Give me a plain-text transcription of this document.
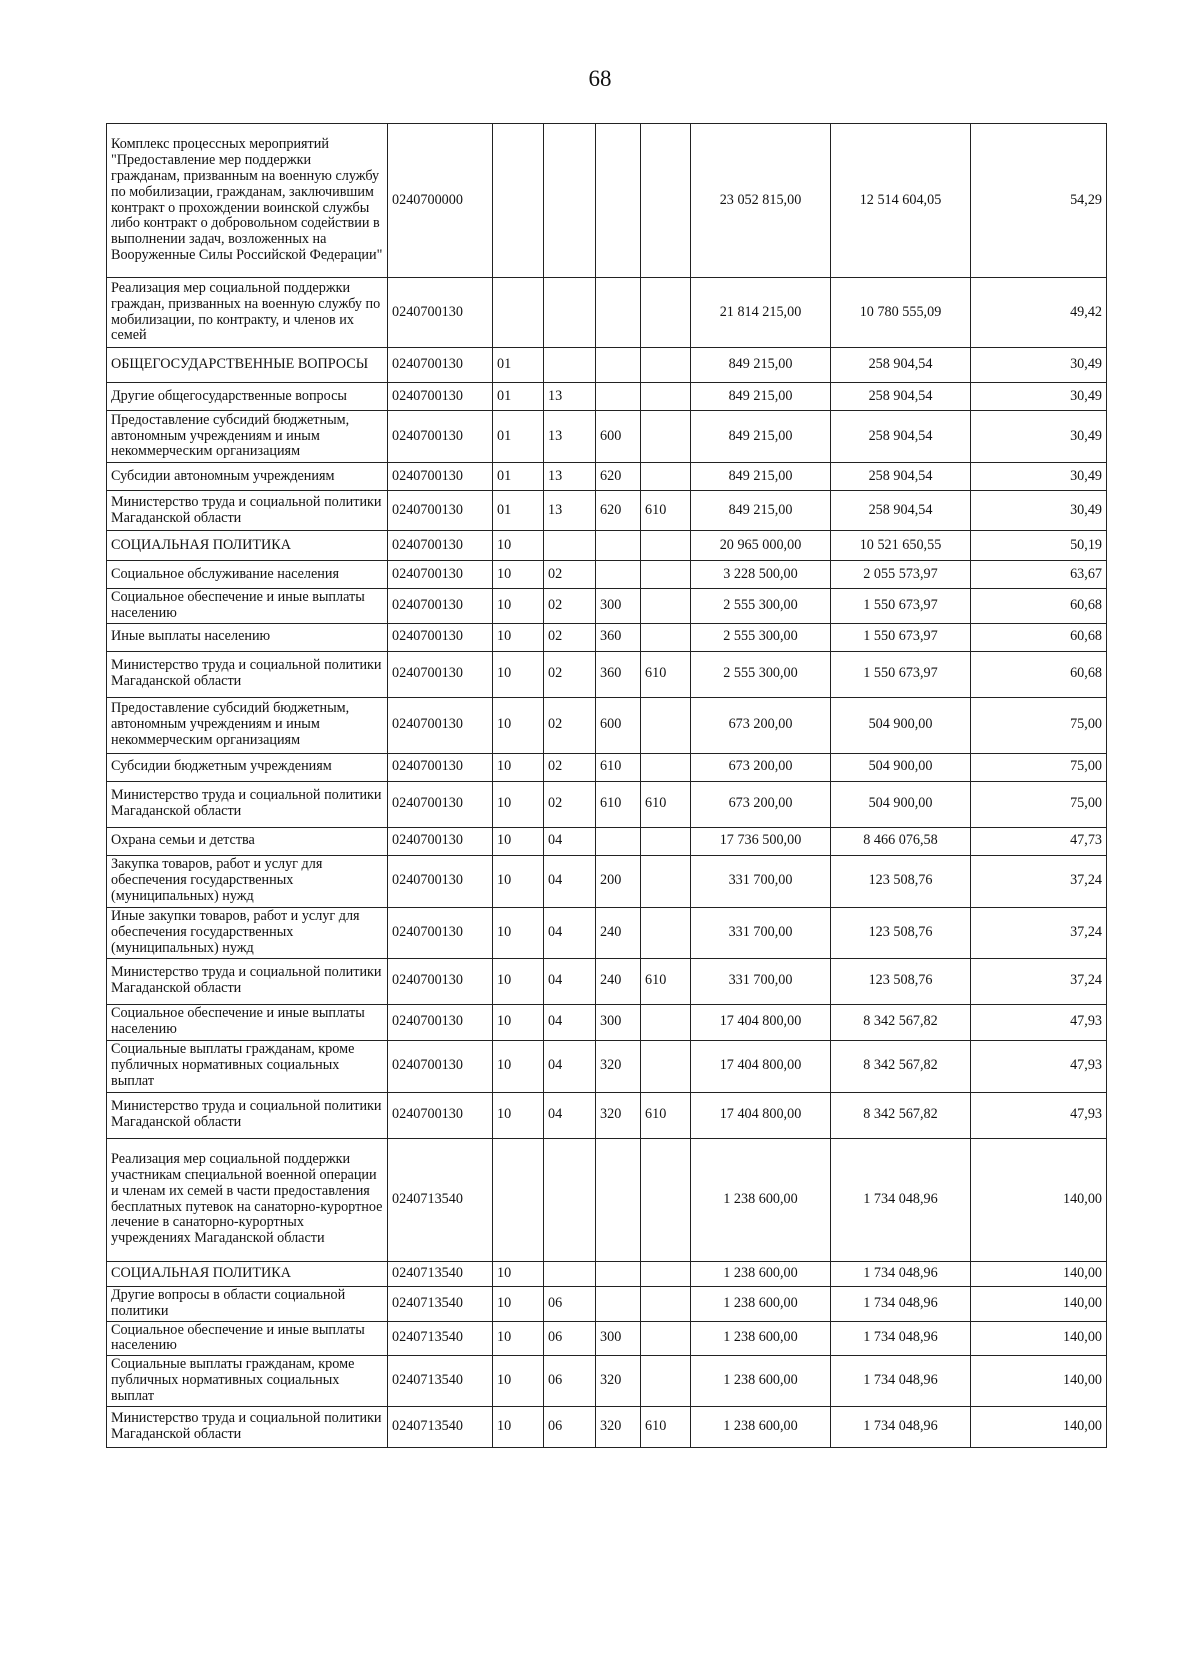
68
Комплекс процессных мероприятий "Предоставление мер поддержки гражданам, призванным на военную службу по мобилизации, гражданам, заключившим контракт о прохождении воинской службы либо контракт о добровольном содействии в выполнении задач, возложенных на Вооруженные Силы Российской Федерации"	0240700000					23 052 815,00	12 514 604,05	54,29
Реализация мер социальной поддержки граждан, призванных на военную службу по мобилизации, по контракту, и членов их семей	0240700130					21 814 215,00	10 780 555,09	49,42
ОБЩЕГОСУДАРСТВЕННЫЕ ВОПРОСЫ	0240700130	01				849 215,00	258 904,54	30,49
Другие общегосударственные вопросы	0240700130	01	13			849 215,00	258 904,54	30,49
Предоставление субсидий бюджетным, автономным учреждениям и иным некоммерческим организациям	0240700130	01	13	600		849 215,00	258 904,54	30,49
Субсидии автономным учреждениям	0240700130	01	13	620		849 215,00	258 904,54	30,49
Министерство труда и социальной политики Магаданской области	0240700130	01	13	620	610	849 215,00	258 904,54	30,49
СОЦИАЛЬНАЯ ПОЛИТИКА	0240700130	10				20 965 000,00	10 521 650,55	50,19
Социальное обслуживание населения	0240700130	10	02			3 228 500,00	2 055 573,97	63,67
Социальное обеспечение и иные выплаты населению	0240700130	10	02	300		2 555 300,00	1 550 673,97	60,68
Иные выплаты населению	0240700130	10	02	360		2 555 300,00	1 550 673,97	60,68
Министерство труда и социальной политики Магаданской области	0240700130	10	02	360	610	2 555 300,00	1 550 673,97	60,68
Предоставление субсидий бюджетным, автономным учреждениям и иным некоммерческим организациям	0240700130	10	02	600		673 200,00	504 900,00	75,00
Субсидии бюджетным учреждениям	0240700130	10	02	610		673 200,00	504 900,00	75,00
Министерство труда и социальной политики Магаданской области	0240700130	10	02	610	610	673 200,00	504 900,00	75,00
Охрана семьи и детства	0240700130	10	04			17 736 500,00	8 466 076,58	47,73
Закупка товаров, работ и услуг для обеспечения государственных (муниципальных) нужд	0240700130	10	04	200		331 700,00	123 508,76	37,24
Иные закупки товаров, работ и услуг для обеспечения государственных (муниципальных) нужд	0240700130	10	04	240		331 700,00	123 508,76	37,24
Министерство труда и социальной политики Магаданской области	0240700130	10	04	240	610	331 700,00	123 508,76	37,24
Социальное обеспечение и иные выплаты населению	0240700130	10	04	300		17 404 800,00	8 342 567,82	47,93
Социальные выплаты гражданам, кроме публичных нормативных социальных выплат	0240700130	10	04	320		17 404 800,00	8 342 567,82	47,93
Министерство труда и социальной политики Магаданской области	0240700130	10	04	320	610	17 404 800,00	8 342 567,82	47,93
Реализация мер социальной поддержки участникам специальной военной операции и членам их семей в части предоставления бесплатных путевок на санаторно-курортное лечение в санаторно-курортных учреждениях Магаданской области	0240713540					1 238 600,00	1 734 048,96	140,00
СОЦИАЛЬНАЯ ПОЛИТИКА	0240713540	10				1 238 600,00	1 734 048,96	140,00
Другие вопросы в области социальной политики	0240713540	10	06			1 238 600,00	1 734 048,96	140,00
Социальное обеспечение и иные выплаты населению	0240713540	10	06	300		1 238 600,00	1 734 048,96	140,00
Социальные выплаты гражданам, кроме публичных нормативных социальных выплат	0240713540	10	06	320		1 238 600,00	1 734 048,96	140,00
Министерство труда и социальной политики Магаданской области	0240713540	10	06	320	610	1 238 600,00	1 734 048,96	140,00
